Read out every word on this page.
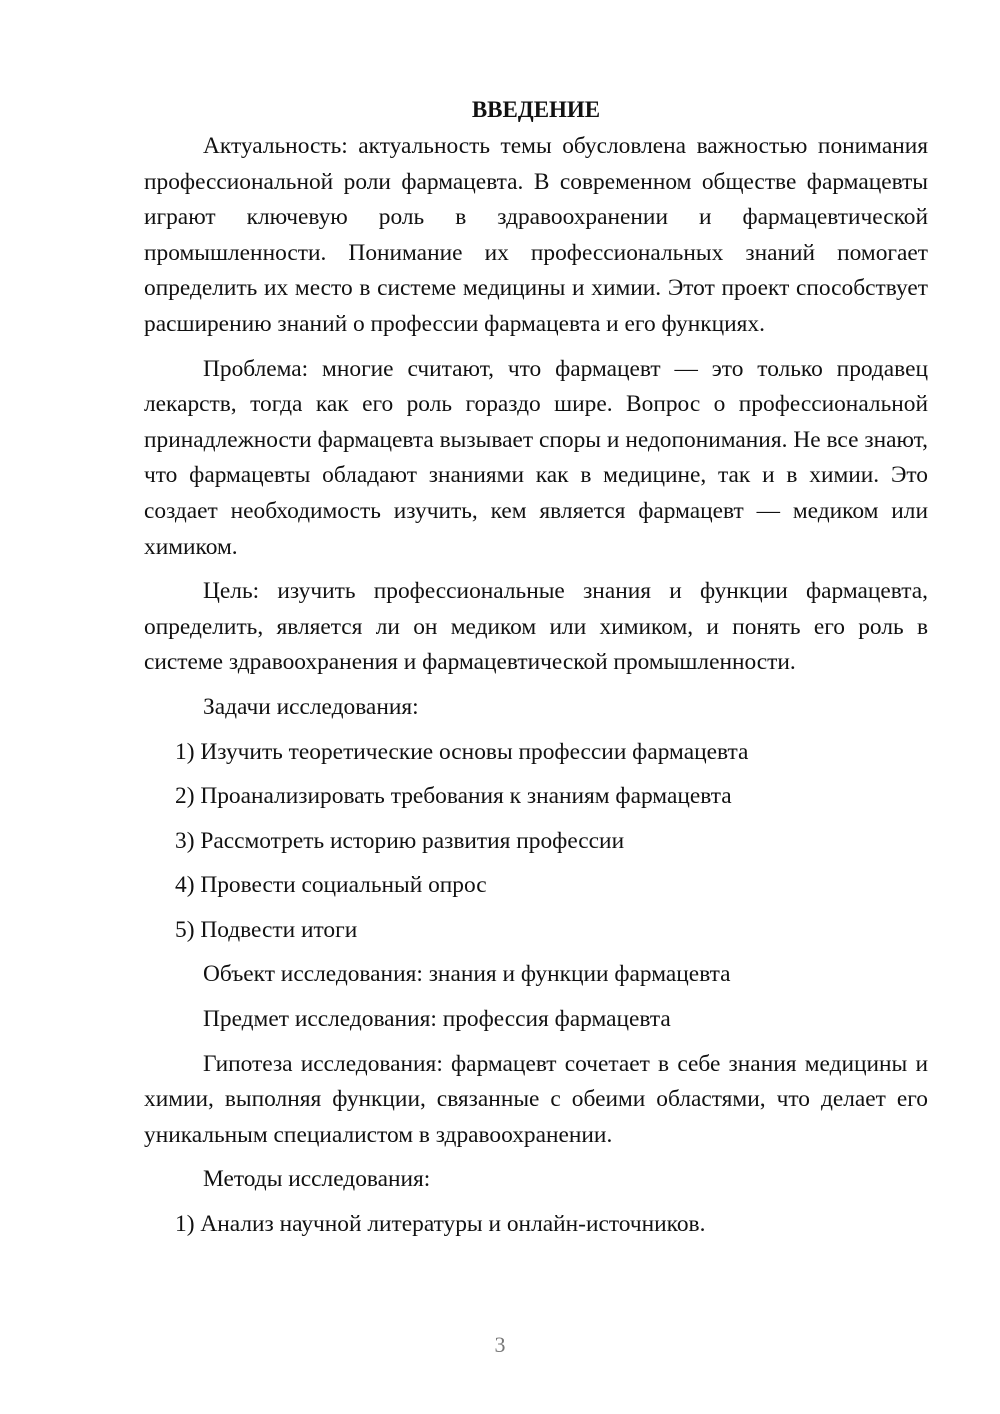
ВВЕДЕНИЕ

Актуальность: актуальность темы обусловлена важностью понимания профессиональной роли фармацевта. В современном обществе фармацевты играют ключевую роль в здравоохранении и фармацевтической промышленности. Понимание их профессиональных знаний помогает определить их место в системе медицины и химии. Этот проект способствует расширению знаний о профессии фармацевта и его функциях.

Проблема: многие считают, что фармацевт — это только продавец лекарств, тогда как его роль гораздо шире. Вопрос о профессиональной принадлежности фармацевта вызывает споры и недопонимания. Не все знают, что фармацевты обладают знаниями как в медицине, так и в химии. Это создает необходимость изучить, кем является фармацевт — медиком или химиком.

Цель: изучить профессиональные знания и функции фармацевта, определить, является ли он медиком или химиком, и понять его роль в системе здравоохранения и фармацевтической промышленности.

Задачи исследования:
1) Изучить теоретические основы профессии фармацевта
2) Проанализировать требования к знаниям фармацевта
3) Рассмотреть историю развития профессии
4) Провести социальный опрос
5) Подвести итоги
Объект исследования: знания и функции фармацевта
Предмет исследования: профессия фармацевта

Гипотеза исследования: фармацевт сочетает в себе знания медицины и химии, выполняя функции, связанные с обеими областями, что делает его уникальным специалистом в здравоохранении.

Методы исследования:
1) Анализ научной литературы и онлайн-источников.
3
